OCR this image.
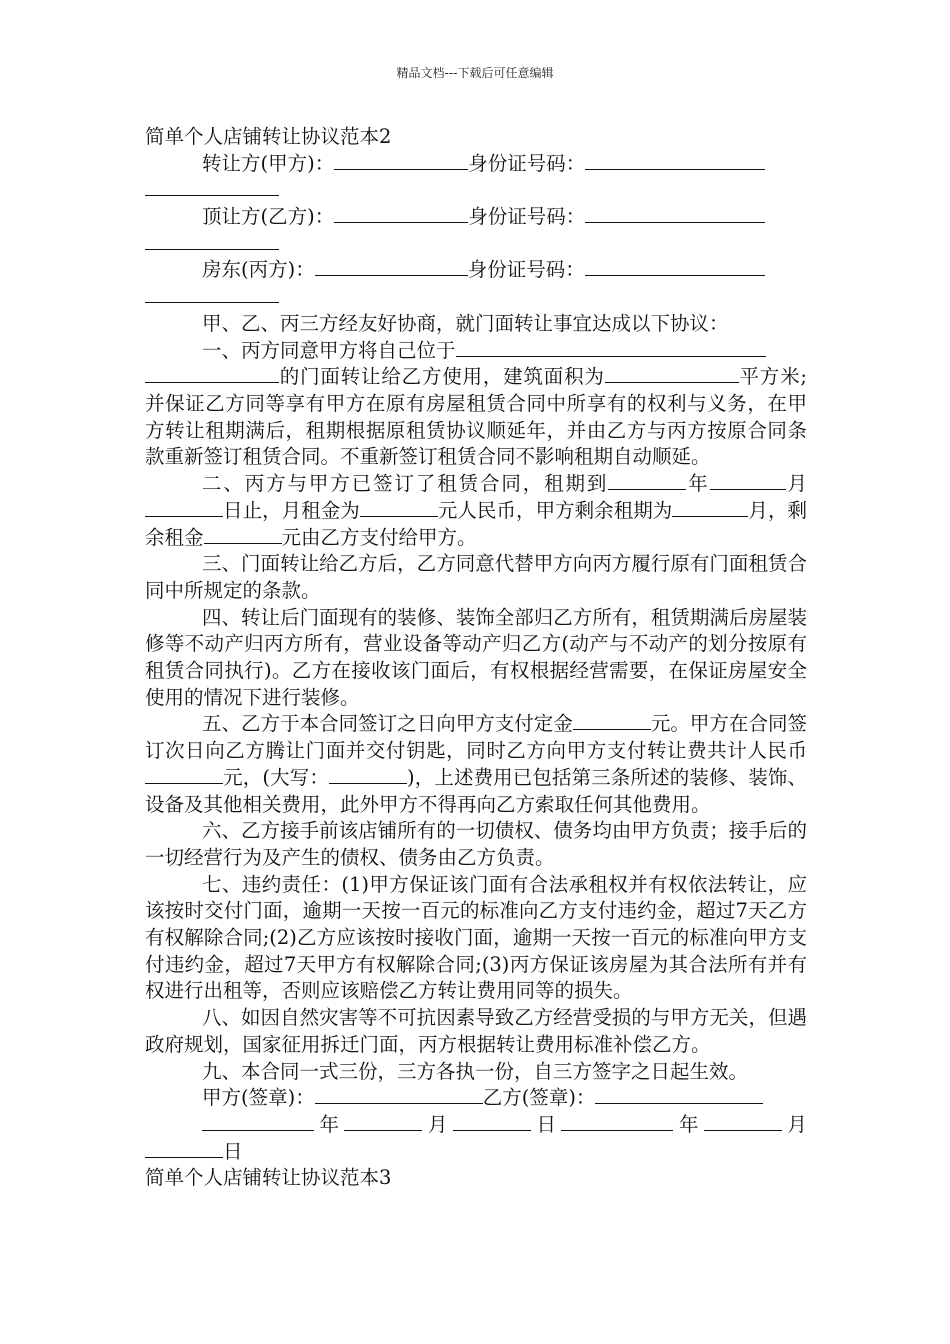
精品文档---下载后可任意编辑

简单个人店铺转让协议范本2

转让方(甲方)：	身份证号码：

顶让方(乙方)：	身份证号码：

房东(丙方)：	身份证号码：

甲、乙、丙三方经友好协商，就门面转让事宜达成以下协议：

一、丙方同意甲方将自己位于

的门面转让给乙方使用，建筑面积为	平方米;并保证乙方同等享有甲方在原有房屋租赁合同中所享有的权利与义务，在甲方转让租期满后，租期根据原租赁协议顺延年，并由乙方与丙方按原合同条款重新签订租赁合同。不重新签订租赁合同不影响租期自动顺延。

二、丙方与甲方已签订了租赁合同，租期到	年	月日止，月租金为	元人民币，甲方剩余租期为	月，剩余租金	元由乙方支付给甲方。

三、门面转让给乙方后，乙方同意代替甲方向丙方履行原有门面租赁合同中所规定的条款。

四、转让后门面现有的装修、装饰全部归乙方所有，租赁期满后房屋装修等不动产归丙方所有，营业设备等动产归乙方(动产与不动产的划分按原有租赁合同执行)。乙方在接收该门面后，有权根据经营需要，在保证房屋安全使用的情况下进行装修。

五、乙方于本合同签订之日向甲方支付定金	元。甲方在合同签订次日向乙方腾让门面并交付钥匙，同时乙方向甲方支付转让费共计人民币元，(大写：	)，上述费用已包括第三条所述的装修、装饰、设备及其他相关费用，此外甲方不得再向乙方索取任何其他费用。

六、乙方接手前该店铺所有的一切债权、债务均由甲方负责；接手后的一切经营行为及产生的债权、债务由乙方负责。

七、违约责任：(1)甲方保证该门面有合法承租权并有权依法转让，应该按时交付门面，逾期一天按一百元的标准向乙方支付违约金，超过7天乙方有权解除合同;(2)乙方应该按时接收门面，逾期一天按一百元的标准向甲方支付违约金，超过7天甲方有权解除合同;(3)丙方保证该房屋为其合法所有并有权进行出租等，否则应该赔偿乙方转让费用同等的损失。

八、如因自然灾害等不可抗因素导致乙方经营受损的与甲方无关，但遇政府规划，国家征用拆迁门面，丙方根据转让费用标准补偿乙方。

九、本合同一式三份，三方各执一份，自三方签字之日起生效。

甲方(签章)：	乙方(签章)：

年	月	日	年	月日

简单个人店铺转让协议范本3
